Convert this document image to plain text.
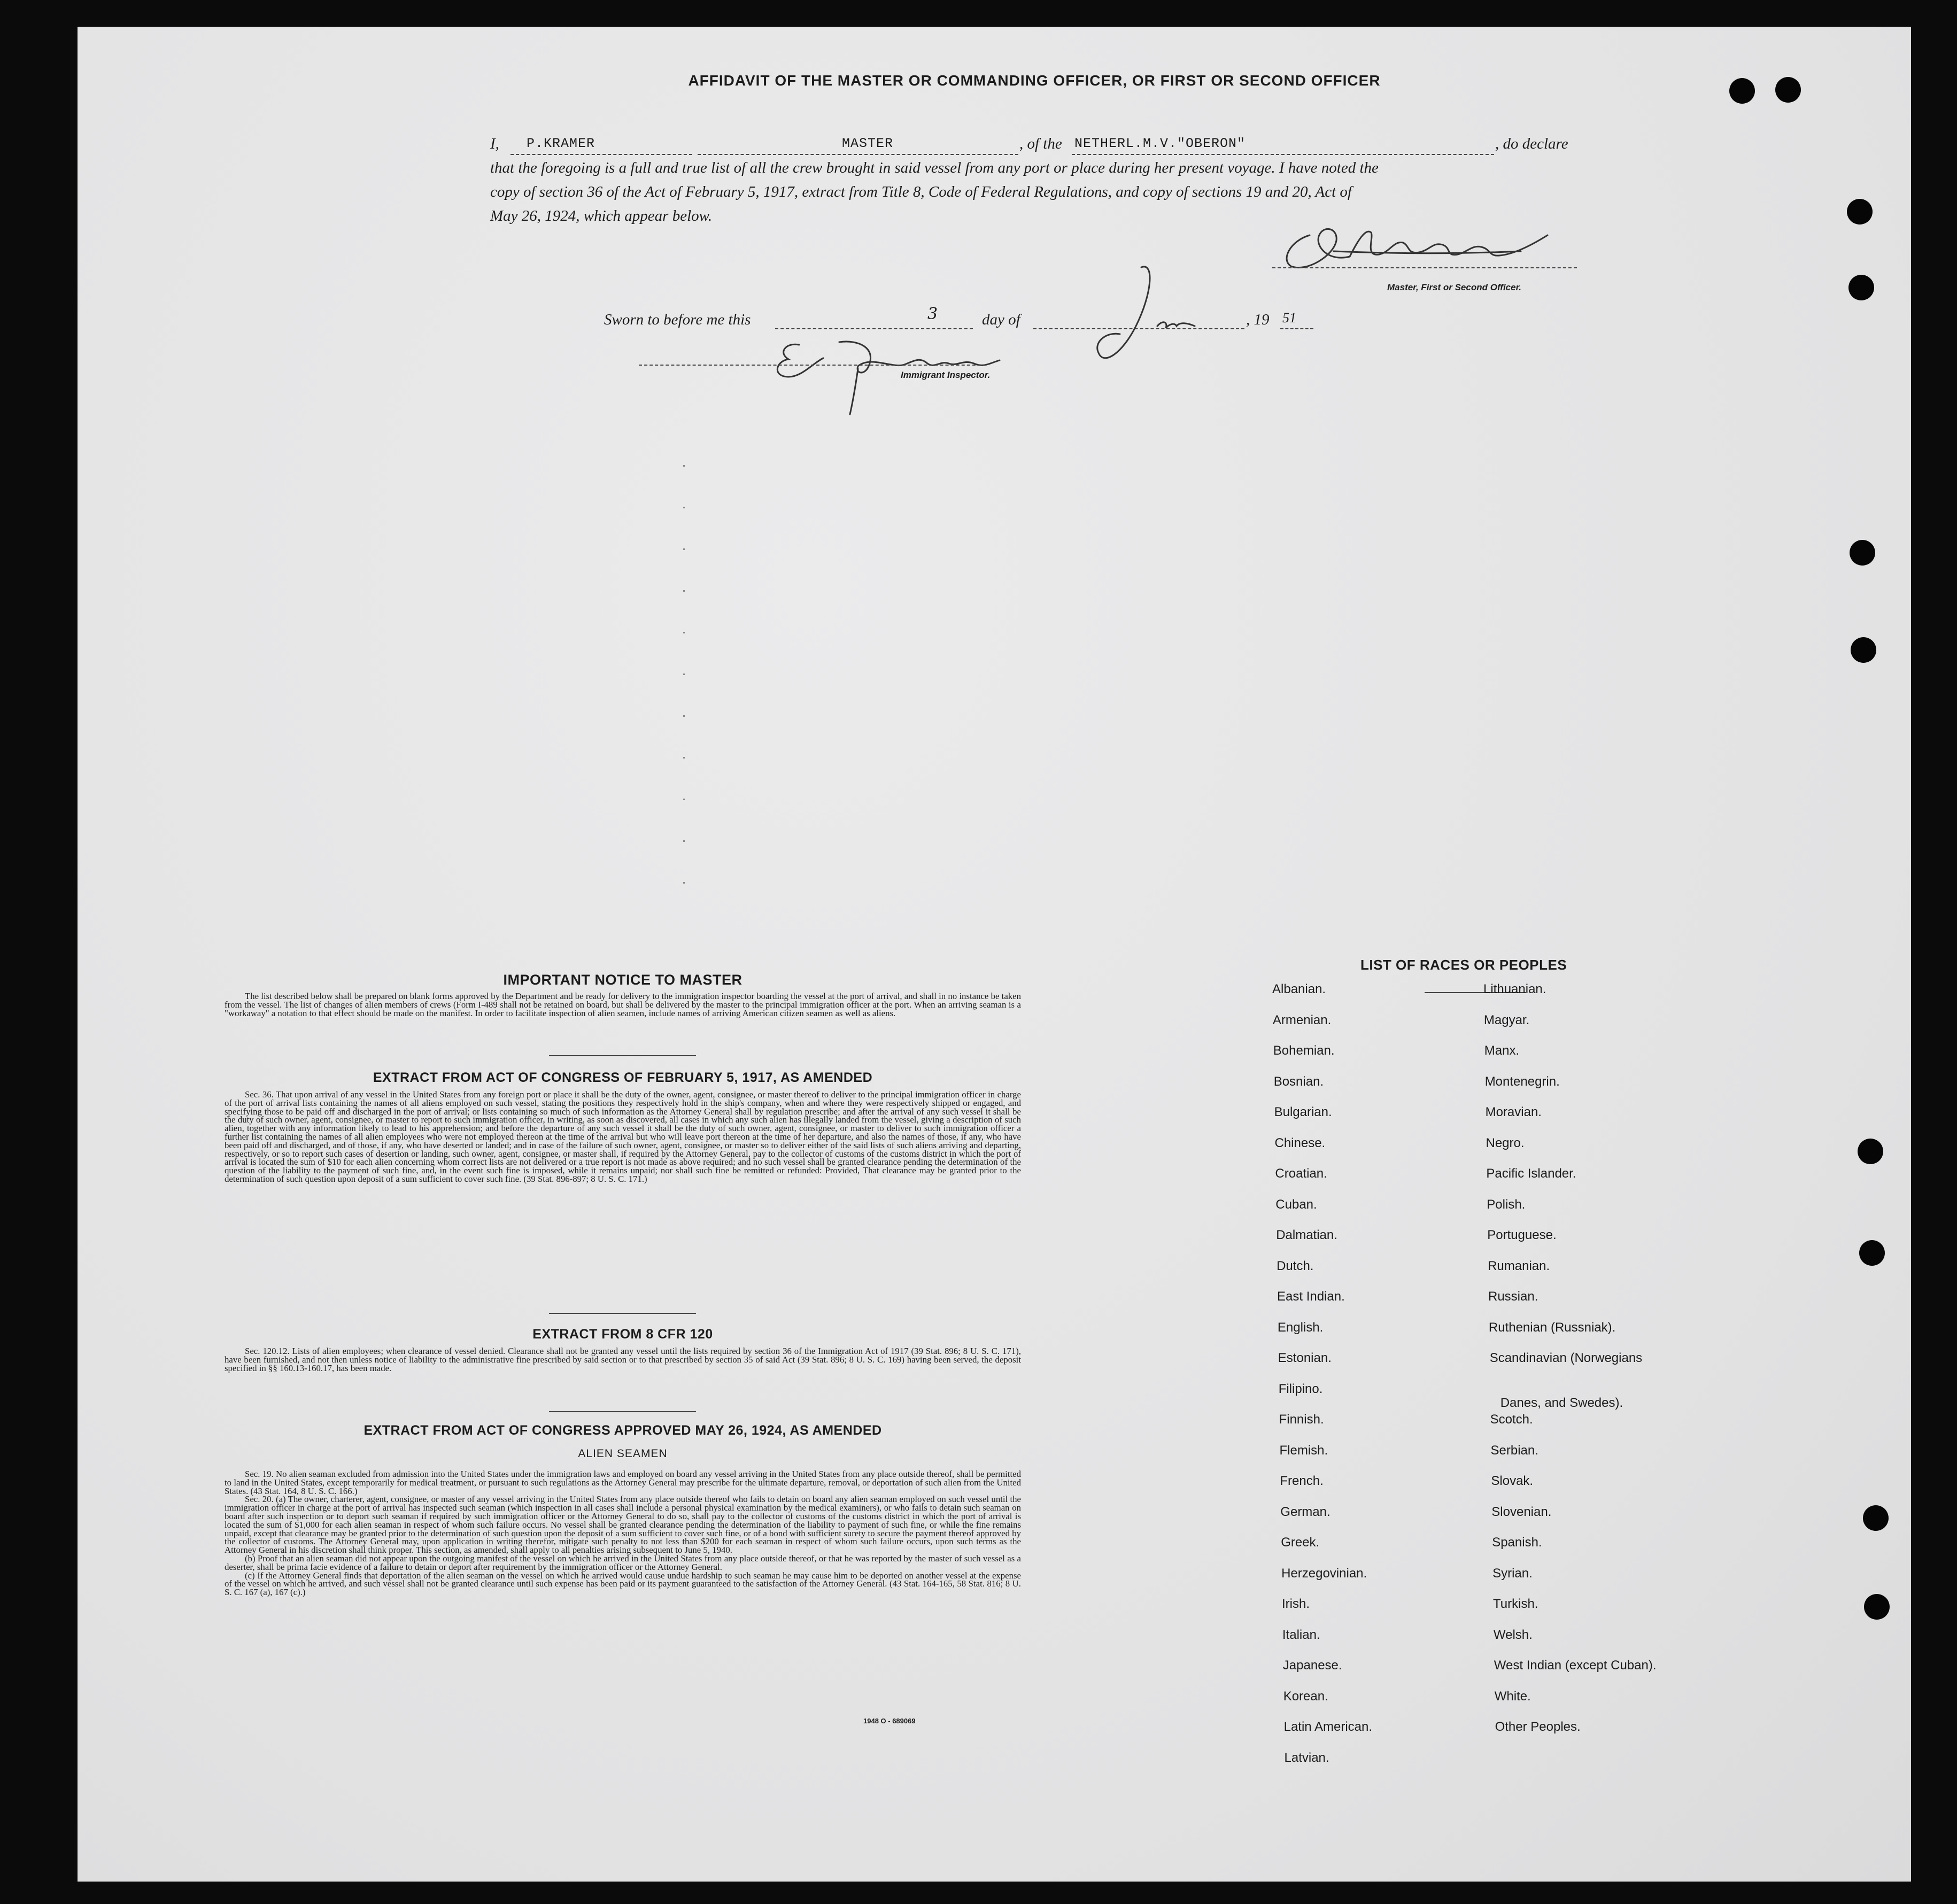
AFFIDAVIT OF THE MASTER OR COMMANDING OFFICER, OR FIRST OR SECOND OFFICER
I, P.KRAMER	MASTER	, of the NETHERL.M.V."OBERON"	, do declare
that the foregoing is a full and true list of all the crew brought in said vessel from any port or place during her present voyage. I have noted the
copy of section 36 of the Act of February 5, 1917, extract from Title 8, Code of Federal Regulations, and copy of sections 19 and 20, Act of
May 26, 1924, which appear below.
Master, First or Second Officer.
Sworn to before me this	3	day of	, 19 51
Immigrant Inspector.
IMPORTANT NOTICE TO MASTER

The list described below shall be prepared on blank forms approved by the Department and be ready for delivery to the immigration inspector boarding the vessel at the port of arrival, and shall in no instance be taken from the vessel. The list of changes of alien members of crews (Form I-489 shall not be retained on board, but shall be delivered by the master to the principal immigration officer at the port. When an arriving seaman is a "workaway" a notation to that effect should be made on the manifest. In order to facilitate inspection of alien seamen, include names of arriving American citizen seamen as well as aliens.

EXTRACT FROM ACT OF CONGRESS OF FEBRUARY 5, 1917, AS AMENDED

Sec. 36. That upon arrival of any vessel in the United States from any foreign port or place it shall be the duty of the owner, agent, consignee, or master thereof to deliver to the principal immigration officer in charge of the port of arrival lists containing the names of all aliens employed on such vessel, stating the positions they respectively hold in the ship's company, when and where they were respectively shipped or engaged, and specifying those to be paid off and discharged in the port of arrival; or lists containing so much of such information as the Attorney General shall by regulation prescribe; and after the arrival of any such vessel it shall be the duty of such owner, agent, consignee, or master to report to such immigration officer, in writing, as soon as discovered, all cases in which any such alien has illegally landed from the vessel, giving a description of such alien, together with any information likely to lead to his apprehension; and before the departure of any such vessel it shall be the duty of such owner, agent, consignee, or master to deliver to such immigration officer a further list containing the names of all alien employees who were not employed thereon at the time of the arrival but who will leave port thereon at the time of her departure, and also the names of those, if any, who have been paid off and discharged, and of those, if any, who have deserted or landed; and in case of the failure of such owner, agent, consignee, or master so to deliver either of the said lists of such aliens arriving and departing, respectively, or so to report such cases of desertion or landing, such owner, agent, consignee, or master shall, if required by the Attorney General, pay to the collector of customs of the customs district in which the port of arrival is located the sum of $10 for each alien concerning whom correct lists are not delivered or a true report is not made as above required; and no such vessel shall be granted clearance pending the determination of the question of the liability to the payment of such fine, and, in the event such fine is imposed, while it remains unpaid; nor shall such fine be remitted or refunded: Provided, That clearance may be granted prior to the determination of such question upon deposit of a sum sufficient to cover such fine. (39 Stat. 896-897; 8 U. S. C. 171.)

EXTRACT FROM 8 CFR 120

Sec. 120.12. Lists of alien employees; when clearance of vessel denied. Clearance shall not be granted any vessel until the lists required by section 36 of the Immigration Act of 1917 (39 Stat. 896; 8 U. S. C. 171), have been furnished, and not then unless notice of liability to the administrative fine prescribed by said section or to that prescribed by section 35 of said Act (39 Stat. 896; 8 U. S. C. 169) having been served, the deposit specified in §§ 160.13-160.17, has been made.

EXTRACT FROM ACT OF CONGRESS APPROVED MAY 26, 1924, AS AMENDED
ALIEN SEAMEN

Sec. 19. No alien seaman excluded from admission into the United States under the immigration laws and employed on board any vessel arriving in the United States from any place outside thereof, shall be permitted to land in the United States, except temporarily for medical treatment, or pursuant to such regulations as the Attorney General may prescribe for the ultimate departure, removal, or deportation of such alien from the United States. (43 Stat. 164, 8 U. S. C. 166.)

Sec. 20. (a) The owner, charterer, agent, consignee, or master of any vessel arriving in the United States from any place outside thereof who fails to detain on board any alien seaman employed on such vessel until the immigration officer in charge at the port of arrival has inspected such seaman (which inspection in all cases shall include a personal physical examination by the medical examiners), or who fails to detain such seaman on board after such inspection or to deport such seaman if required by such immigration officer or the Attorney General to do so, shall pay to the collector of customs of the customs district in which the port of arrival is located the sum of $1,000 for each alien seaman in respect of whom such failure occurs. No vessel shall be granted clearance pending the determination of the liability to payment of such fine, or while the fine remains unpaid, except that clearance may be granted prior to the determination of such question upon the deposit of a sum sufficient to cover such fine, or of a bond with sufficient surety to secure the payment thereof approved by the collector of customs. The Attorney General may, upon application in writing therefor, mitigate such penalty to not less than $200 for each seaman in respect of whom such failure occurs, upon such terms as the Attorney General in his discretion shall think proper. This section, as amended, shall apply to all penalties arising subsequent to June 5, 1940.

(b) Proof that an alien seaman did not appear upon the outgoing manifest of the vessel on which he arrived in the United States from any place outside thereof, or that he was reported by the master of such vessel as a deserter, shall be prima facie evidence of a failure to detain or deport after requirement by the immigration officer or the Attorney General.

(c) If the Attorney General finds that deportation of the alien seaman on the vessel on which he arrived would cause undue hardship to such seaman he may cause him to be deported on another vessel at the expense of the vessel on which he arrived, and such vessel shall not be granted clearance until such expense has been paid or its payment guaranteed to the satisfaction of the Attorney General. (43 Stat. 164-165, 58 Stat. 816; 8 U. S. C. 167 (a), 167 (c).)

1948 O - 689069
LIST OF RACES OR PEOPLES
Albanian.
Armenian.
Bohemian.
Bosnian.
Bulgarian.
Chinese.
Croatian.
Cuban.
Dalmatian.
Dutch.
East Indian.
English.
Estonian.
Filipino.
Finnish.
Flemish.
French.
German.
Greek.
Herzegovinian.
Irish.
Italian.
Japanese.
Korean.
Latin American.
Latvian.
Lithuanian.
Magyar.
Manx.
Montenegrin.
Moravian.
Negro.
Pacific Islander.
Polish.
Portuguese.
Rumanian.
Russian.
Ruthenian (Russniak).
Scandinavian (Norwegians
Danes, and Swedes).
Scotch.
Serbian.
Slovak.
Slovenian.
Spanish.
Syrian.
Turkish.
Welsh.
West Indian (except Cuban).
White.
Other Peoples.
